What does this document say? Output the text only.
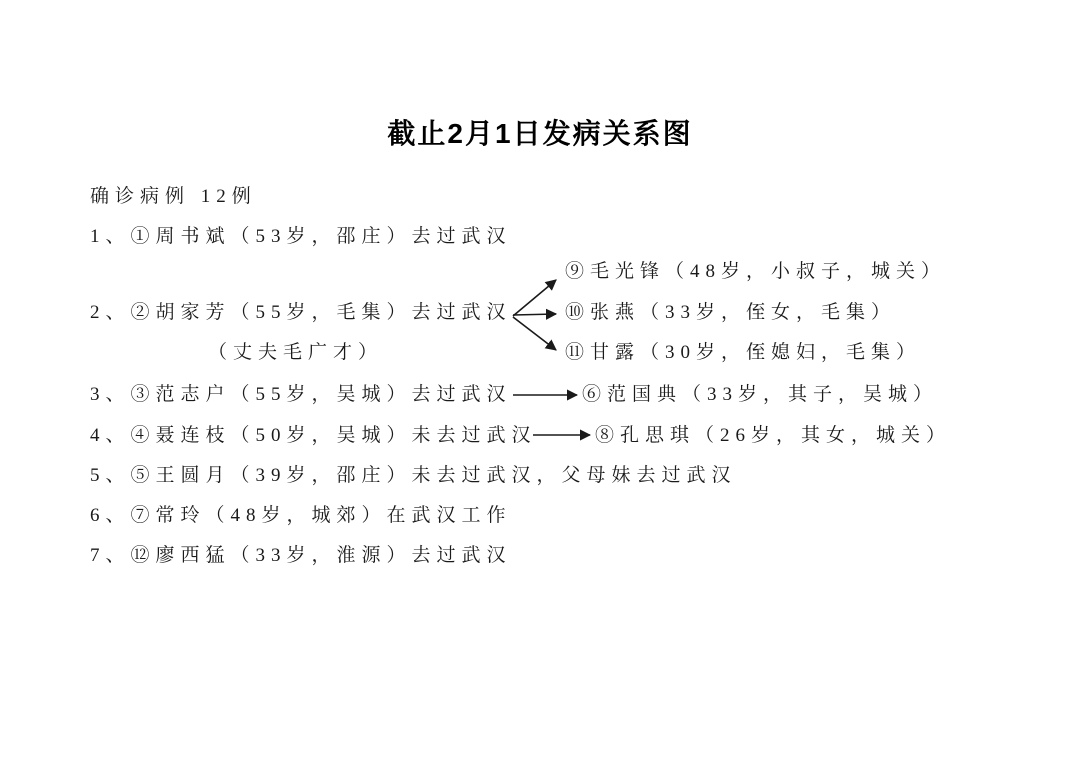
截止2月1日发病关系图
确诊病例 12例
1、①周书斌（53岁，邵庄）去过武汉
⑨毛光锋（48岁，小叔子，城关）
2、②胡家芳（55岁，毛集）去过武汉	⑩张燕（33岁，侄女，毛集）
（丈夫毛广才）	⑪甘露（30岁，侄媳妇，毛集）
3、③范志户（55岁，吴城）去过武汉	⑥范国典（33岁，其子，吴城）
4、④聂连枝（50岁，吴城）未去过武汉	⑧孔思琪（26岁，其女，城关）
5、⑤王圆月（39岁，邵庄）未去过武汉，父母妹去过武汉
6、⑦常玲（48岁，城郊）在武汉工作
7、⑫廖西猛（33岁，淮源）去过武汉
